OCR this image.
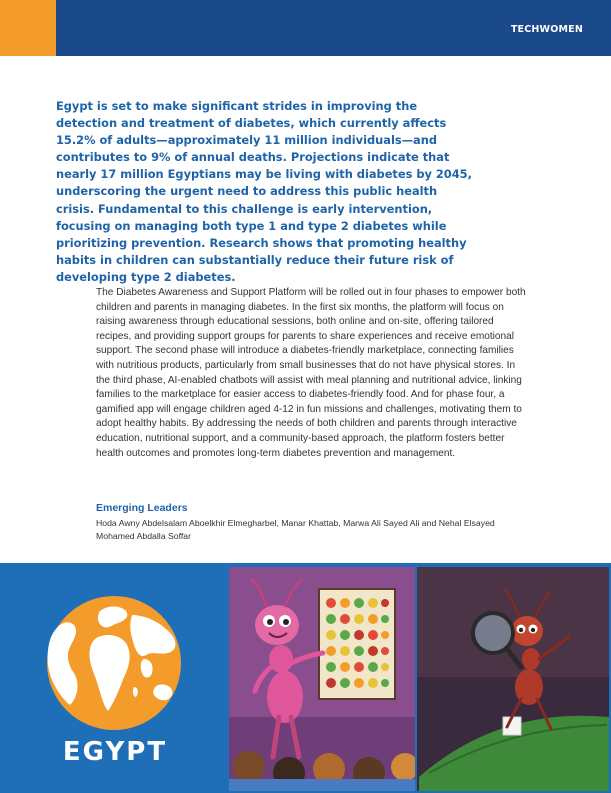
TECHWOMEN

Egypt is set to make significant strides in improving the detection and treatment of diabetes, which currently affects 15.2% of adults—approximately 11 million individuals—and contributes to 9% of annual deaths. Projections indicate that nearly 17 million Egyptians may be living with diabetes by 2045, underscoring the urgent need to address this public health crisis. Fundamental to this challenge is early intervention, focusing on managing both type 1 and type 2 diabetes while prioritizing prevention. Research shows that promoting healthy habits in children can substantially reduce their future risk of developing type 2 diabetes.

The Diabetes Awareness and Support Platform will be rolled out in four phases to empower both children and parents in managing diabetes. In the first six months, the platform will focus on raising awareness through educational sessions, both online and on-site, offering tailored recipes, and providing support groups for parents to share experiences and receive emotional support. The second phase will introduce a diabetes-friendly marketplace, connecting families with nutritious products, particularly from small businesses that do not have physical stores. In the third phase, AI-enabled chatbots will assist with meal planning and nutritional advice, linking families to the marketplace for easier access to diabetes-friendly food. And for phase four, a gamified app will engage children aged 4-12 in fun missions and challenges, motivating them to adopt healthy habits. By addressing the needs of both children and parents through interactive education, nutritional support, and a community-based approach, the platform fosters better health outcomes and promotes long-term diabetes prevention and management.

Emerging Leaders

Hoda Awny Abdelsalam Aboelkhir Elmegharbel, Manar Khattab, Marwa Ali Sayed Ali and Nehal Elsayed Mohamed Abdalla Soffar

EGYPT
